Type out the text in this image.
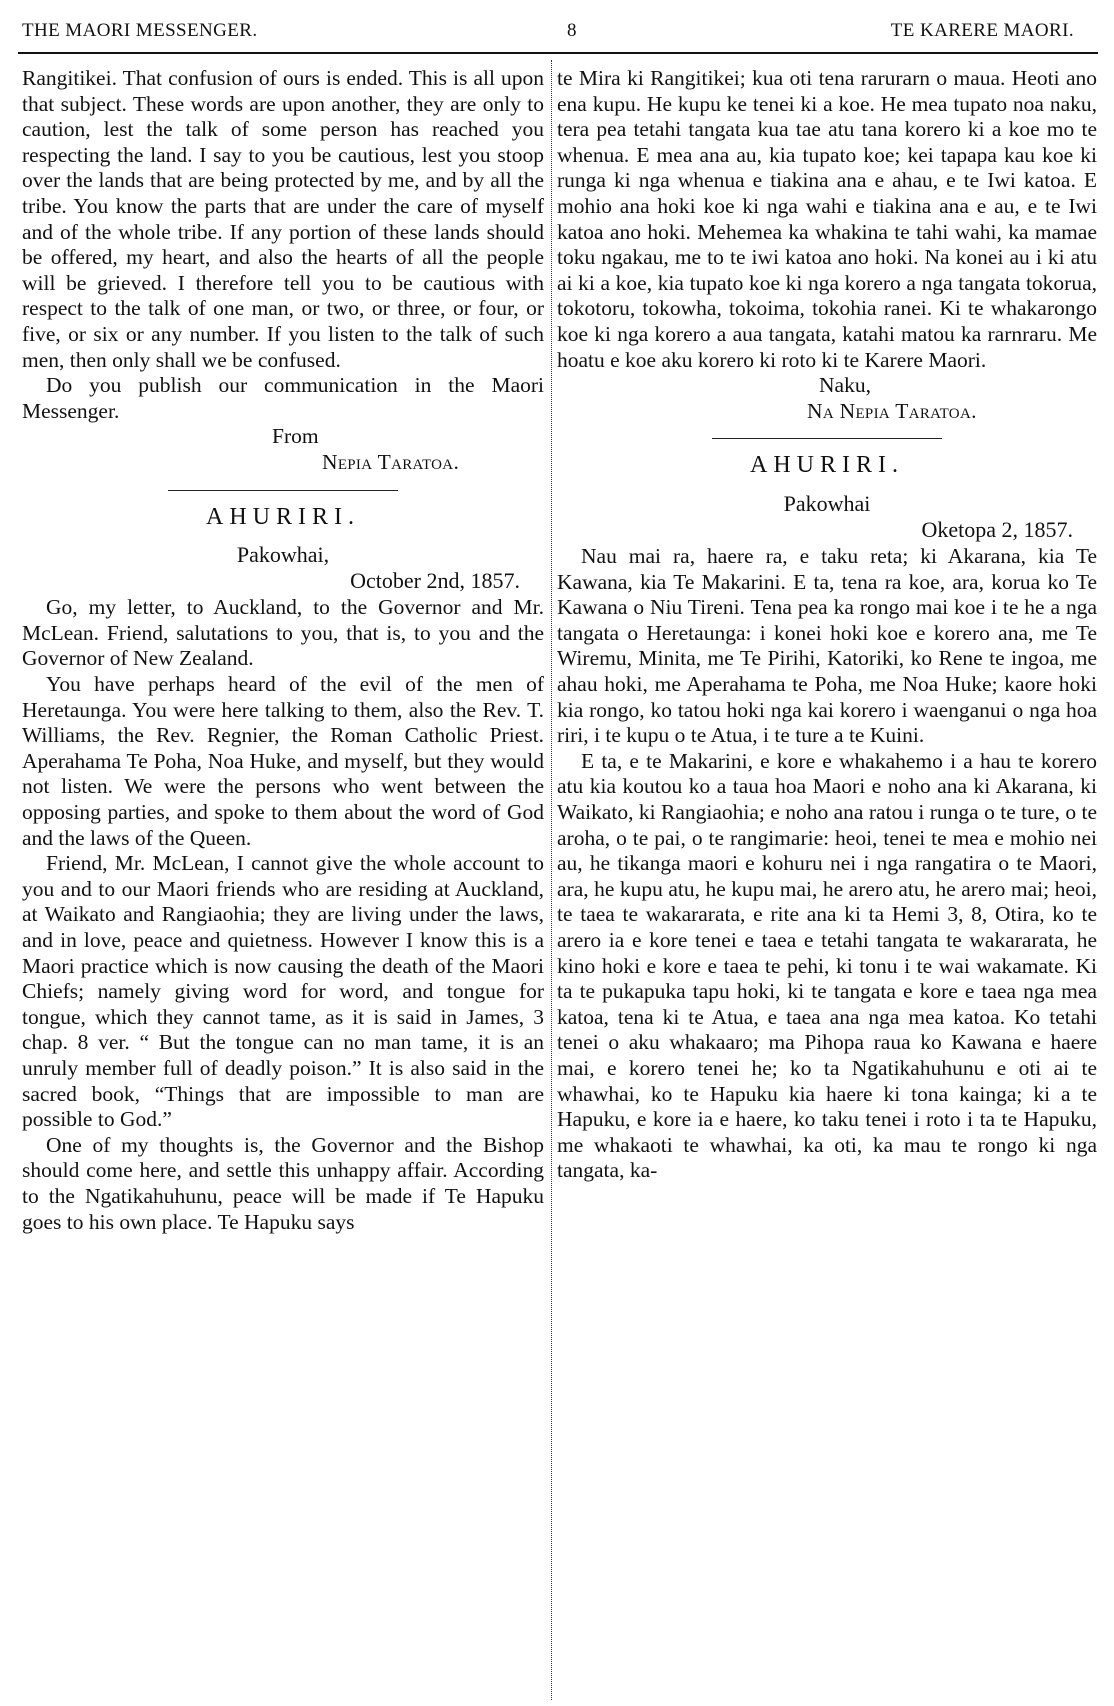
THE MAORI MESSENGER.	8	TE KARERE MAORI.

Rangitikei. That confusion of ours is ended. This is all upon that subject. These words are upon another, they are only to caution, lest the talk of some person has reached you respecting the land. I say to you be cautious, lest you stoop over the lands that are being protected by me, and by all the tribe. You know the parts that are under the care of myself and of the whole tribe. If any portion of these lands should be offered, my heart, and also the hearts of all the people will be grieved. I therefore tell you to be cautious with respect to the talk of one man, or two, or three, or four, or five, or six or any number. If you listen to the talk of such men, then only shall we be confused.

Do you publish our communication in the Maori Messenger.

From

Nepia Taratoa.

AHURIRI.
Pakowhai,
October 2nd, 1857.

Go, my letter, to Auckland, to the Governor and Mr. McLean. Friend, salutations to you, that is, to you and the Governor of New Zealand.

You have perhaps heard of the evil of the men of Heretaunga. You were here talking to them, also the Rev. T. Williams, the Rev. Regnier, the Roman Catholic Priest. Aperahama Te Poha, Noa Huke, and myself, but they would not listen. We were the persons who went between the opposing parties, and spoke to them about the word of God and the laws of the Queen.

Friend, Mr. McLean, I cannot give the whole account to you and to our Maori friends who are residing at Auckland, at Waikato and Rangiaohia; they are living under the laws, and in love, peace and quietness. However I know this is a Maori practice which is now causing the death of the Maori Chiefs; namely giving word for word, and tongue for tongue, which they cannot tame, as it is said in James, 3 chap. 8 ver. “ But the tongue can no man tame, it is an unruly member full of deadly poison.” It is also said in the sacred book, “Things that are impossible to man are possible to God.”

One of my thoughts is, the Governor and the Bishop should come here, and settle this unhappy affair. According to the Ngatikahuhunu, peace will be made if Te Hapuku goes to his own place. Te Hapuku says

te Mira ki Rangitikei; kua oti tena rarurarn o maua. Heoti ano ena kupu. He kupu ke tenei ki a koe. He mea tupato noa naku, tera pea tetahi tangata kua tae atu tana korero ki a koe mo te whenua. E mea ana au, kia tupato koe; kei tapapa kau koe ki runga ki nga whenua e tiakina ana e ahau, e te Iwi katoa. E mohio ana hoki koe ki nga wahi e tiakina ana e au, e te Iwi katoa ano hoki. Mehemea ka whakina te tahi wahi, ka mamae toku ngakau, me to te iwi katoa ano hoki. Na konei au i ki atu ai ki a koe, kia tupato koe ki nga korero a nga tangata tokorua, tokotoru, tokowha, tokoima, tokohia ranei. Ki te whakarongo koe ki nga korero a aua tangata, katahi matou ka rarnraru. Me hoatu e koe aku korero ki roto ki te Karere Maori.

Naku,

Na Nepia Taratoa.

AHURIRI.
Pakowhai
Oketopa 2, 1857.

Nau mai ra, haere ra, e taku reta; ki Akarana, kia Te Kawana, kia Te Makarini. E ta, tena ra koe, ara, korua ko Te Kawana o Niu Tireni. Tena pea ka rongo mai koe i te he a nga tangata o Heretaunga: i konei hoki koe e korero ana, me Te Wiremu, Minita, me Te Pirihi, Katoriki, ko Rene te ingoa, me ahau hoki, me Aperahama te Poha, me Noa Huke; kaore hoki kia rongo, ko tatou hoki nga kai korero i waenganui o nga hoa riri, i te kupu o te Atua, i te ture a te Kuini.

E ta, e te Makarini, e kore e whakahemo i a hau te korero atu kia koutou ko a taua hoa Maori e noho ana ki Akarana, ki Waikato, ki Rangiaohia; e noho ana ratou i runga o te ture, o te aroha, o te pai, o te rangimarie: heoi, tenei te mea e mohio nei au, he tikanga maori e kohuru nei i nga rangatira o te Maori, ara, he kupu atu, he kupu mai, he arero atu, he arero mai; heoi, te taea te wakararata, e rite ana ki ta Hemi 3, 8, Otira, ko te arero ia e kore tenei e taea e tetahi tangata te wakararata, he kino hoki e kore e taea te pehi, ki tonu i te wai wakamate. Ki ta te pukapuka tapu hoki, ki te tangata e kore e taea nga mea katoa, tena ki te Atua, e taea ana nga mea katoa. Ko tetahi tenei o aku whakaaro; ma Pihopa raua ko Kawana e haere mai, e korero tenei he; ko ta Ngatikahuhunu e oti ai te whawhai, ko te Hapuku kia haere ki tona kainga; ki a te Hapuku, e kore ia e haere, ko taku tenei i roto i ta te Hapuku, me whakaoti te whawhai, ka oti, ka mau te rongo ki nga tangata, ka-
